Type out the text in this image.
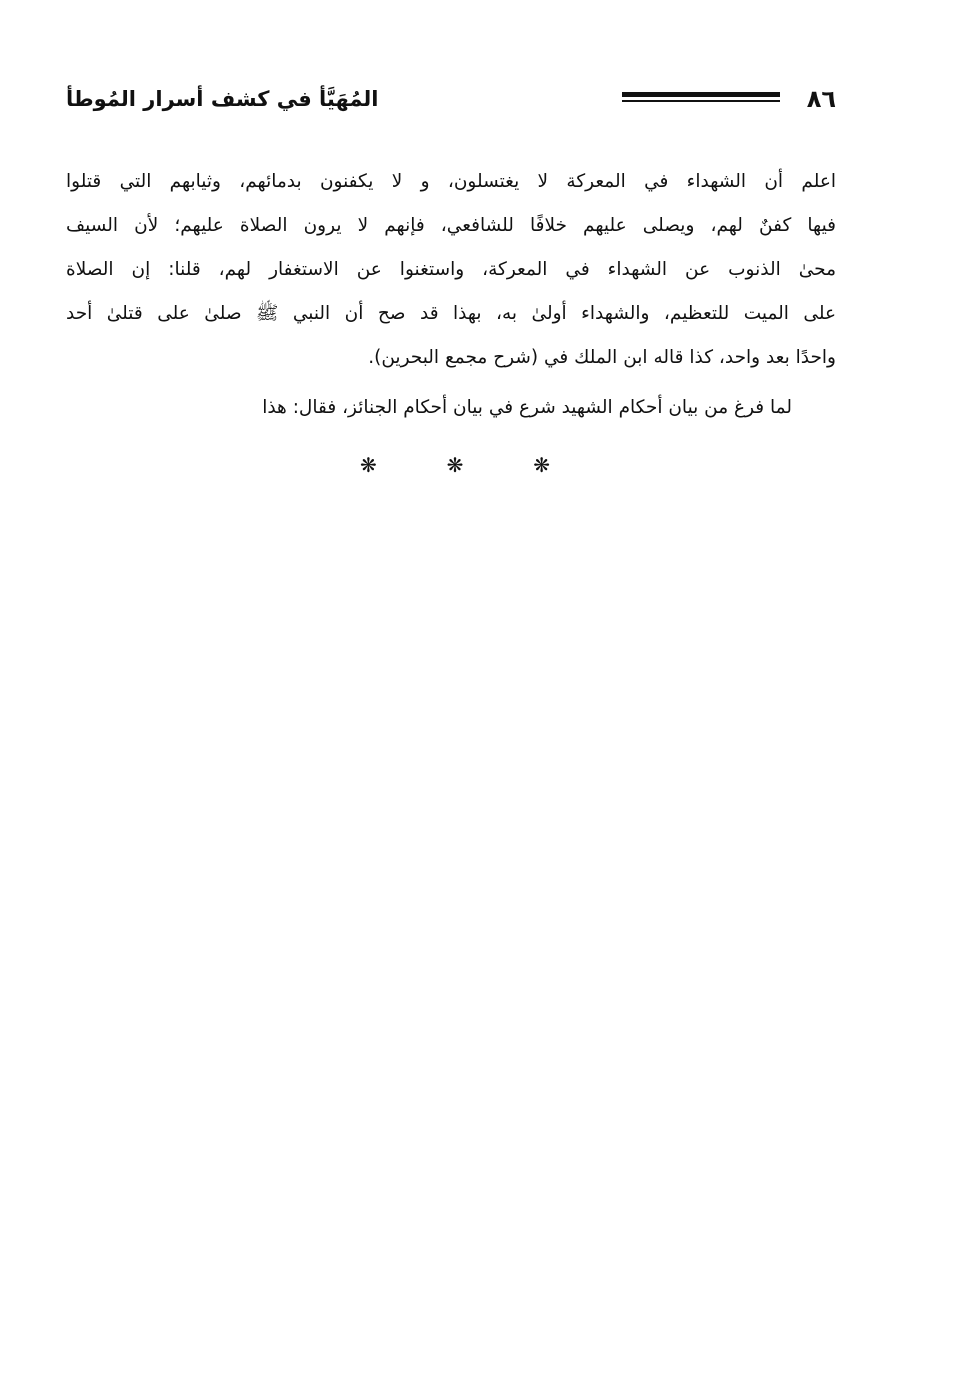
٨٦
المُهَيَّأ في كشف أسرار المُوطأ
اعلم أن الشهداء في المعركة لا يغتسلون، و لا يكفنون بدمائهم، وثيابهم التي قتلوا
فيها كفنٌ لهم، ويصلى عليهم خلافًا للشافعي، فإنهم لا يرون الصلاة عليهم؛ لأن السيف
محىٰ الذنوب عن الشهداء في المعركة، واستغنوا عن الاستغفار لهم، قلنا: إن الصلاة
على الميت للتعظيم، والشهداء أولىٰ به، بهذا قد صح أن النبي ﷺ صلىٰ على قتلىٰ أحد
واحدًا بعد واحد، كذا قاله ابن الملك في (شرح مجمع البحرين).
لما فرغ من بيان أحكام الشهيد شرع في بيان أحكام الجنائز، فقال: هذا
❋	❋	❋
